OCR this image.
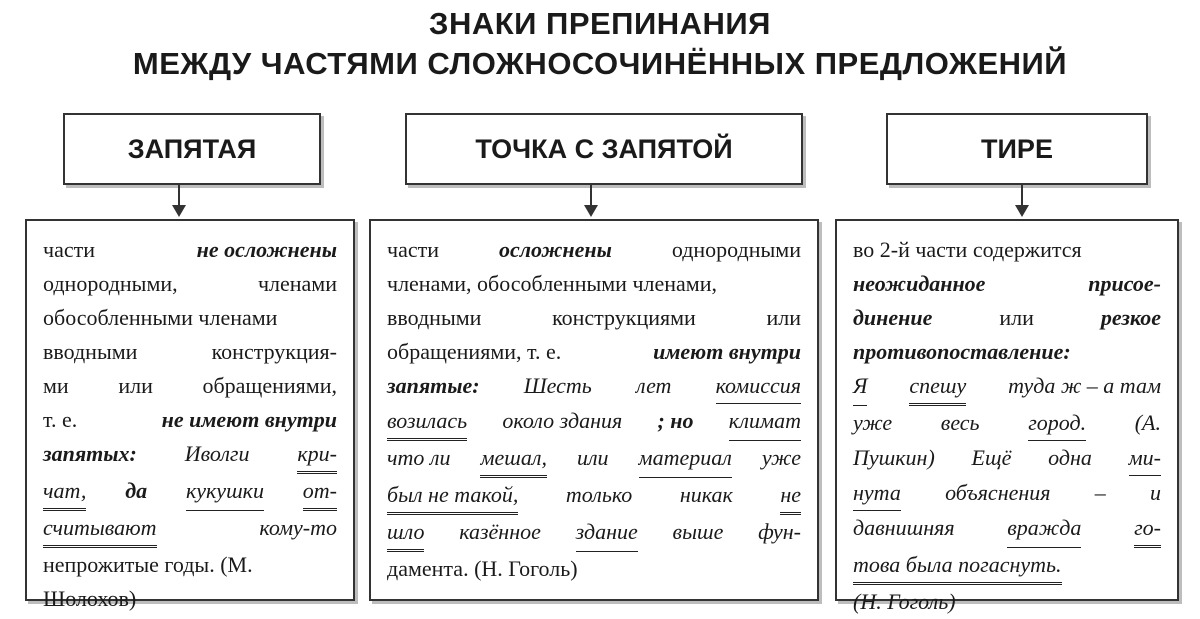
ЗНАКИ ПРЕПИНАНИЯ
МЕЖДУ ЧАСТЯМИ СЛОЖНОСОЧИНЁННЫХ ПРЕДЛОЖЕНИЙ
ЗАПЯТАЯ	ТОЧКА С ЗАПЯТОЙ	ТИРЕ
части	не осложнены
однородными,	членами
обособленными членами
вводными	конструкция-
ми или обращениями,
т. е.	не имеют внутри
запятых: Иволги кри-
чат, да кукушки от-
считывают	кому-то
непрожитые годы. (М.
Шолохов)
части	осложнены	однородными
членами, обособленными членами,
вводными	конструкциями	или
обращениями, т. е.	имеют внутри
запятые: Шесть лет комиссия
возилась около здания ; но климат
что ли мешал, или материал уже
был не такой, только никак не
шло казённое здание выше фун-
дамента. (Н. Гоголь)
во 2-й части содержится
неожиданное	присое-
динение	или	резкое
противопоставление:
Я спешу туда ж – а там
уже весь город. (А.
Пушкин) Ещё одна ми-
нута объяснения – и
давнишняя вражда го-
това была погаснуть.
(Н. Гоголь)
